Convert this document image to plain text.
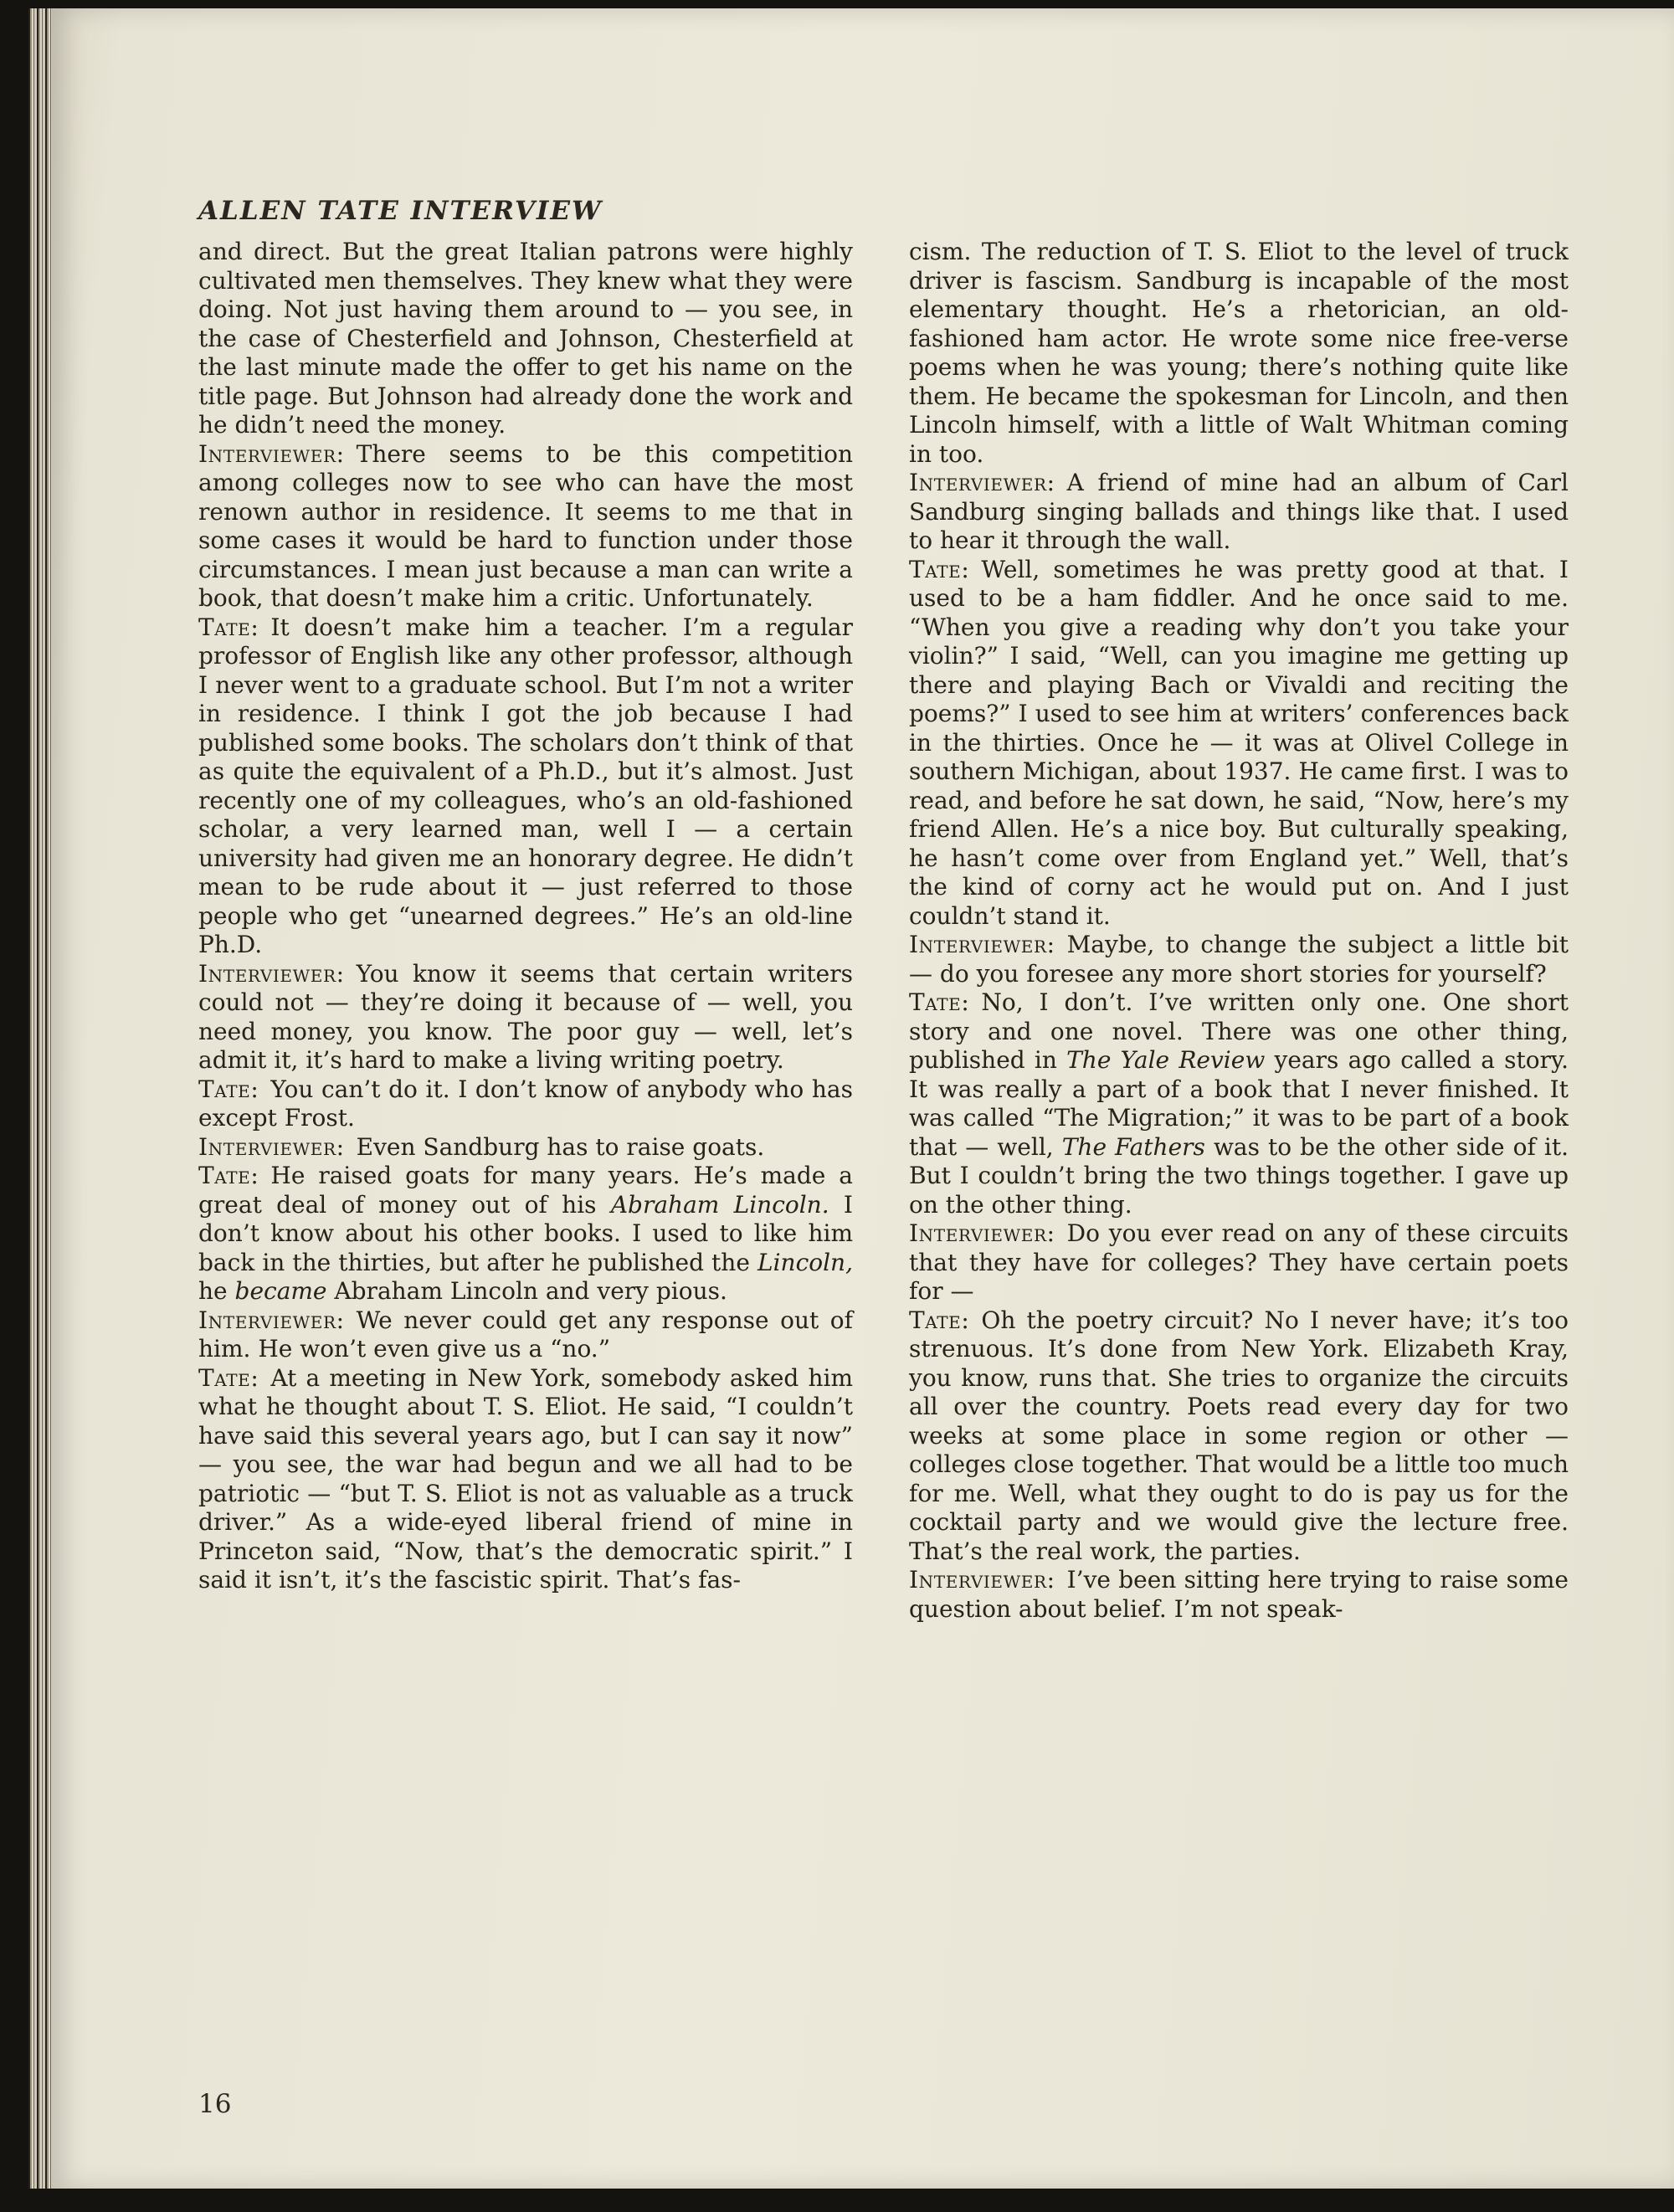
ALLEN TATE INTERVIEW

and direct. But the great Italian patrons were highly cultivated men themselves. They knew what they were doing. Not just having them around to — you see, in the case of Chesterfield and Johnson, Chesterfield at the last minute made the offer to get his name on the title page. But Johnson had already done the work and he didn’t need the money.

Interviewer:  There seems to be this competition among colleges now to see who can have the most renown author in residence. It seems to me that in some cases it would be hard to function under those circumstances. I mean just because a man can write a book, that doesn’t make him a critic. Unfortunately.

Tate:  It doesn’t make him a teacher. I’m a regular professor of English like any other professor, although I never went to a graduate school. But I’m not a writer in residence. I think I got the job because I had published some books. The scholars don’t think of that as quite the equivalent of a Ph.D., but it’s almost. Just recently one of my colleagues, who’s an old-fashioned scholar, a very learned man, well I — a certain university had given me an honorary degree. He didn’t mean to be rude about it — just referred to those people who get “unearned degrees.” He’s an old-line Ph.D.

Interviewer:  You know it seems that certain writers could not — they’re doing it because of — well, you need money, you know. The poor guy — well, let’s admit it, it’s hard to make a living writing poetry.

Tate:  You can’t do it. I don’t know of anybody who has except Frost.

Interviewer:  Even Sandburg has to raise goats.

Tate:  He raised goats for many years. He’s made a great deal of money out of his Abraham Lincoln. I don’t know about his other books. I used to like him back in the thirties, but after he published the Lincoln, he became Abraham Lincoln and very pious.

Interviewer:  We never could get any response out of him. He won’t even give us a “no.”

Tate:  At a meeting in New York, somebody asked him what he thought about T. S. Eliot. He said, “I couldn’t have said this several years ago, but I can say it now” — you see, the war had begun and we all had to be patriotic — “but T. S. Eliot is not as valuable as a truck driver.” As a wide-eyed liberal friend of mine in Princeton said, “Now, that’s the democratic spirit.” I said it isn’t, it’s the fascistic spirit. That’s fas-

cism. The reduction of T. S. Eliot to the level of truck driver is fascism. Sandburg is incapable of the most elementary thought. He’s a rhetorician, an old-fashioned ham actor. He wrote some nice free-verse poems when he was young; there’s nothing quite like them. He became the spokesman for Lincoln, and then Lincoln himself, with a little of Walt Whitman coming in too.

Interviewer:  A friend of mine had an album of Carl Sandburg singing ballads and things like that. I used to hear it through the wall.

Tate:  Well, sometimes he was pretty good at that. I used to be a ham fiddler. And he once said to me. “When you give a reading why don’t you take your violin?” I said, “Well, can you imagine me getting up there and playing Bach or Vivaldi and reciting the poems?” I used to see him at writers’ conferences back in the thirties. Once he — it was at Olivel College in southern Michigan, about 1937. He came first. I was to read, and before he sat down, he said, “Now, here’s my friend Allen. He’s a nice boy. But culturally speaking, he hasn’t come over from England yet.” Well, that’s the kind of corny act he would put on. And I just couldn’t stand it.

Interviewer:  Maybe, to change the subject a little bit — do you foresee any more short stories for yourself?

Tate:  No, I don’t. I’ve written only one. One short story and one novel. There was one other thing, published in The Yale Review years ago called a story. It was really a part of a book that I never finished. It was called “The Migration;” it was to be part of a book that — well, The Fathers was to be the other side of it. But I couldn’t bring the two things together. I gave up on the other thing.

Interviewer:  Do you ever read on any of these circuits that they have for colleges? They have certain poets for —

Tate:  Oh the poetry circuit? No I never have; it’s too strenuous. It’s done from New York. Elizabeth Kray, you know, runs that. She tries to organize the circuits all over the country. Poets read every day for two weeks at some place in some region or other — colleges close together. That would be a little too much for me. Well, what they ought to do is pay us for the cocktail party and we would give the lecture free. That’s the real work, the parties.

Interviewer:  I’ve been sitting here trying to raise some question about belief. I’m not speak-

16
